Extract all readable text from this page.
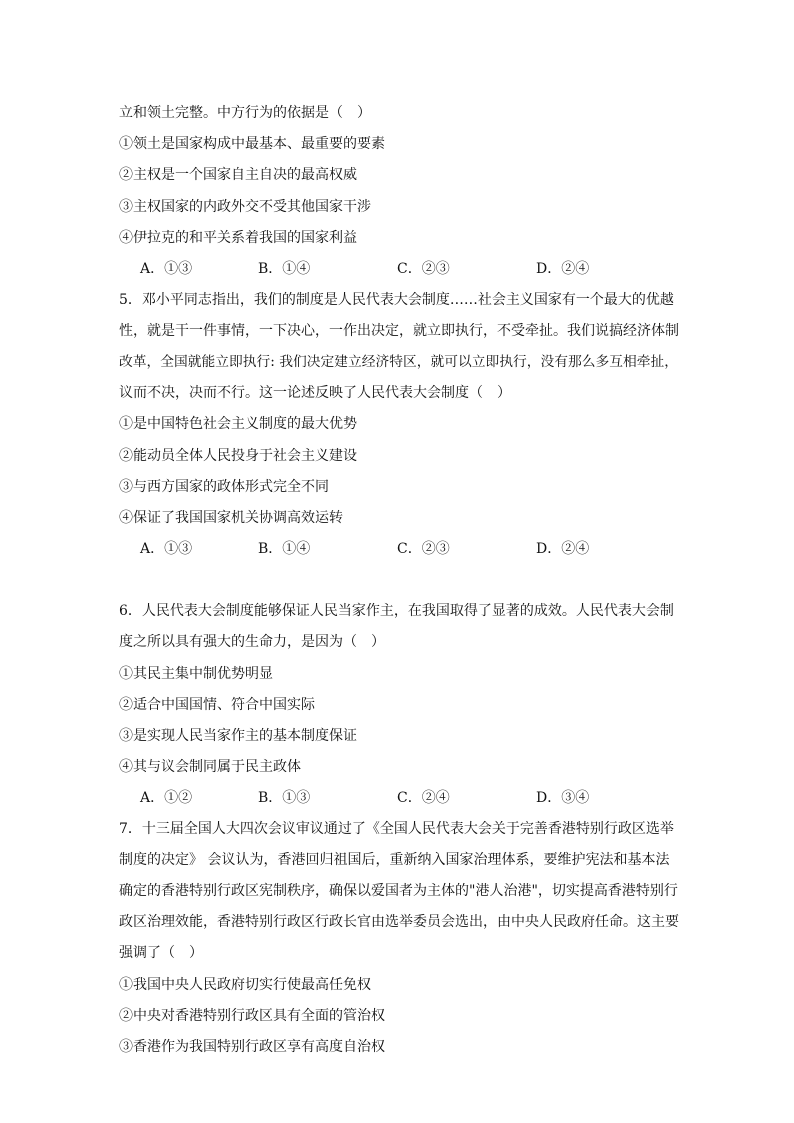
立和领土完整。中方行为的依据是（　）
①领土是国家构成中最基本、最重要的要素
②主权是一个国家自主自决的最高权威
③主权国家的内政外交不受其他国家干涉
④伊拉克的和平关系着我国的国家利益
A．①③	B．①④	C．②③	D．②④
5．邓小平同志指出，我们的制度是人民代表大会制度……社会主义国家有一个最大的优越
性，就是干一件事情，一下决心，一作出决定，就立即执行，不受牵扯。我们说搞经济体制
改革，全国就能立即执行: 我们决定建立经济特区，就可以立即执行，没有那么多互相牵扯，
议而不决，决而不行。这一论述反映了人民代表大会制度（　）
①是中国特色社会主义制度的最大优势
②能动员全体人民投身于社会主义建设
③与西方国家的政体形式完全不同
④保证了我国国家机关协调高效运转
A．①③	B．①④	C．②③	D．②④
6．人民代表大会制度能够保证人民当家作主，在我国取得了显著的成效。人民代表大会制
度之所以具有强大的生命力，是因为（　）
①其民主集中制优势明显
②适合中国国情、符合中国实际
③是实现人民当家作主的基本制度保证
④其与议会制同属于民主政体
A．①②	B．①③	C．②④	D．③④
7．十三届全国人大四次会议审议通过了《全国人民代表大会关于完善香港特别行政区选举
制度的决定》 会议认为，香港回归祖国后，重新纳入国家治理体系，要维护宪法和基本法
确定的香港特别行政区宪制秩序，确保以爱国者为主体的"港人治港"，切实提高香港特别行
政区治理效能，香港特别行政区行政长官由选举委员会选出，由中央人民政府任命。这主要
强调了（　）
①我国中央人民政府切实行使最高任免权
②中央对香港特别行政区具有全面的管治权
③香港作为我国特别行政区享有高度自治权
